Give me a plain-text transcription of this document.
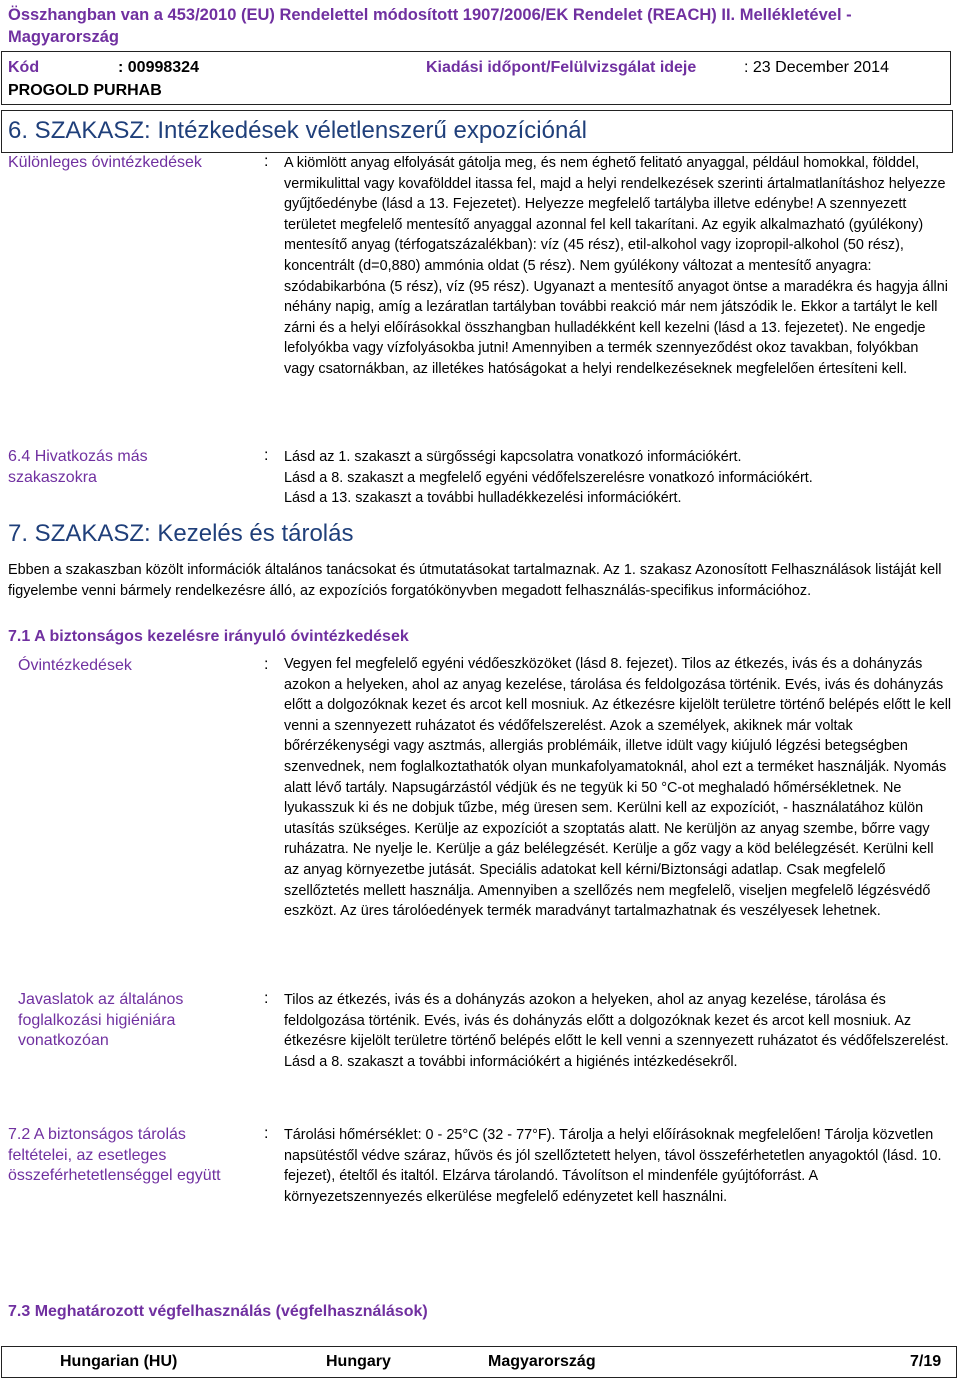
Összhangban van a 453/2010 (EU) Rendelettel módosított 1907/2006/EK Rendelet (REACH) II. Mellékletével - Magyarország
Kód	: 00998324	Kiadási időpont/Felülvizsgálat ideje	: 23 December 2014
PROGOLD PURHAB
6. SZAKASZ: Intézkedések véletlenszerű expozíciónál
Különleges óvintézkedések	: A kiömlött anyag elfolyását gátolja meg, és nem éghető felitató anyaggal, például homokkal, földdel, vermikulittal vagy kovafölddel itassa fel, majd a helyi rendelkezések szerinti ártalmatlanításhoz helyezze gyűjtőedénybe (lásd a 13. Fejezetet). Helyezze megfelelő tartályba illetve edénybe! A szennyezett területet megfelelő mentesítő anyaggal azonnal fel kell takarítani. Az egyik alkalmazható (gyúlékony) mentesítő anyag (térfogatszázalékban): víz (45 rész), etil-alkohol vagy izopropil-alkohol (50 rész), koncentrált (d=0,880) ammónia oldat (5 rész). Nem gyúlékony változat a mentesítő anyagra: szódabikarbóna (5 rész), víz (95 rész). Ugyanazt a mentesítő anyagot öntse a maradékra és hagyja állni néhány napig, amíg a lezáratlan tartályban további reakció már nem játszódik le. Ekkor a tartályt le kell zárni és a helyi előírásokkal összhangban hulladékként kell kezelni (lásd a 13. fejezetet). Ne engedje lefolyókba vagy vízfolyásokba jutni! Amennyiben a termék szennyeződést okoz tavakban, folyókban vagy csatornákban, az illetékes hatóságokat a helyi rendelkezéseknek megfelelően értesíteni kell.
6.4 Hivatkozás más szakaszokra
: Lásd az 1. szakaszt a sürgősségi kapcsolatra vonatkozó információkért.

Lásd a 8. szakaszt a megfelelő egyéni védőfelszerelésre vonatkozó információkért.

Lásd a 13. szakaszt a további hulladékkezelési információkért.

7. SZAKASZ: Kezelés és tárolás
Ebben a szakaszban közölt információk általános tanácsokat és útmutatásokat tartalmaznak. Az 1. szakasz Azonosított Felhasználások listáját kell figyelembe venni bármely rendelkezésre álló, az expozíciós forgatókönyvben megadott felhasználás-specifikus információhoz.
7.1 A biztonságos kezelésre irányuló óvintézkedések
Óvintézkedések	: Vegyen fel megfelelő egyéni védőeszközöket (lásd 8. fejezet). Tilos az étkezés, ivás és a dohányzás azokon a helyeken, ahol az anyag kezelése, tárolása és feldolgozása történik. Evés, ivás és dohányzás előtt a dolgozóknak kezet és arcot kell mosniuk. Az étkezésre kijelölt területre történő belépés előtt le kell venni a szennyezett ruházatot és védőfelszerelést. Azok a személyek, akiknek már voltak bőrérzékenységi vagy asztmás, allergiás problémáik, illetve idült vagy kiújuló légzési betegségben szenvednek, nem foglalkoztathatók olyan munkafolyamatoknál, ahol ezt a terméket használják. Nyomás alatt lévő tartály. Napsugárzástól védjük és ne tegyük ki 50 °C-ot meghaladó hőmérsékletnek. Ne lyukasszuk ki és ne dobjuk tűzbe, még üresen sem. Kerülni kell az expozíciót, - használatához külön utasítás szükséges. Kerülje az expozíciót a szoptatás alatt. Ne kerüljön az anyag szembe, bőrre vagy ruházatra. Ne nyelje le. Kerülje a gáz belélegzését. Kerülje a gőz vagy a köd belélegzését. Kerülni kell az anyag környezetbe jutását. Speciális adatokat kell kérni/Biztonsági adatlap. Csak megfelelő szellőztetés mellett használja. Amennyiben a szellőzés nem megfelelõ, viseljen megfelelõ légzésvédő eszközt. Az üres tárolóedények termék maradványt tartalmazhatnak és veszélyesek lehetnek.
Javaslatok az általános foglalkozási higiéniára vonatkozóan
: Tilos az étkezés, ivás és a dohányzás azokon a helyeken, ahol az anyag kezelése, tárolása és feldolgozása történik. Evés, ivás és dohányzás előtt a dolgozóknak kezet és arcot kell mosniuk. Az étkezésre kijelölt területre történő belépés előtt le kell venni a szennyezett ruházatot és védőfelszerelést. Lásd a 8. szakaszt a további információkért a higiénés intézkedésekről.
7.2 A biztonságos tárolás feltételei, az esetleges összeférhetetlenséggel együtt
: Tárolási hőmérséklet: 0 - 25°C (32 - 77°F). Tárolja a helyi előírásoknak megfelelően! Tárolja közvetlen napsütéstől védve száraz, hűvös és jól szellőztetett helyen, távol összeférhetetlen anyagoktól (lásd. 10. fejezet), ételtől és italtól. Elzárva tárolandó. Távolítson el mindenféle gyújtóforrást. A környezetszennyezés elkerülése megfelelő edényzetet kell használni.
7.3 Meghatározott végfelhasználás (végfelhasználások)
Hungarian (HU)	Hungary	Magyarország	7/19
